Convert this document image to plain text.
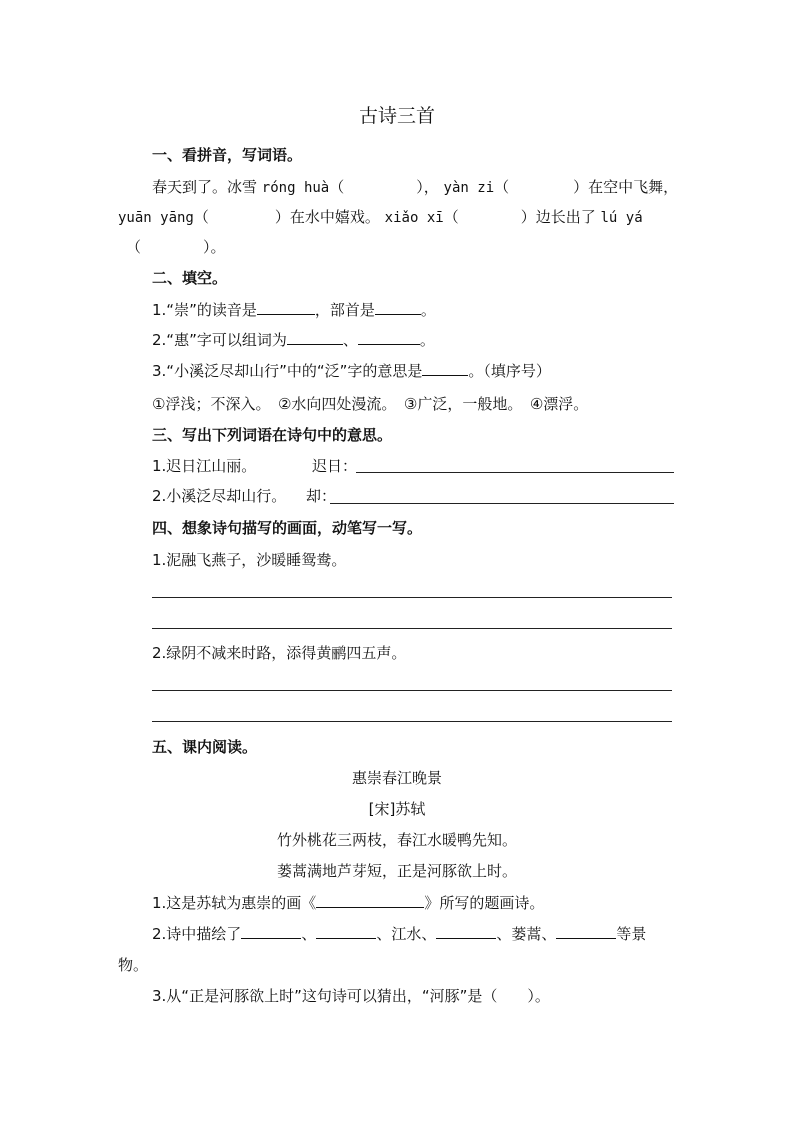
古诗三首
一、看拼音，写词语。
春天到了。冰雪 róng huà（	）， yàn zi（	）在空中飞舞，
yuān yāng（	）在水中嬉戏。 xiǎo xī（	）边长出了 lú yá
（	）。
二、填空。
1.“崇”的读音是	，部首是	。
2.“惠”字可以组词为	、	。
3.“小溪泛尽却山行”中的“泛”字的意思是	。（填序号）
①浮浅；不深入。　②水向四处漫流。　③广泛，一般地。　④漂浮。
三、写出下列词语在诗句中的意思。
1.迟日江山丽。	迟日：
2.小溪泛尽却山行。 却：
四、想象诗句描写的画面，动笔写一写。
1.泥融飞燕子，沙暖睡鸳鸯。
2.绿阴不减来时路，添得黄鹂四五声。
五、课内阅读。
惠崇春江晚景
[宋]苏轼
竹外桃花三两枝，春江水暖鸭先知。
蒌蒿满地芦芽短，正是河豚欲上时。
1.这是苏轼为惠崇的画《	》所写的题画诗。
2.诗中描绘了	、	、江水、	、蒌蒿、	等景
物。
3.从“正是河豚欲上时”这句诗可以猜出，“河豚”是（　　）。
